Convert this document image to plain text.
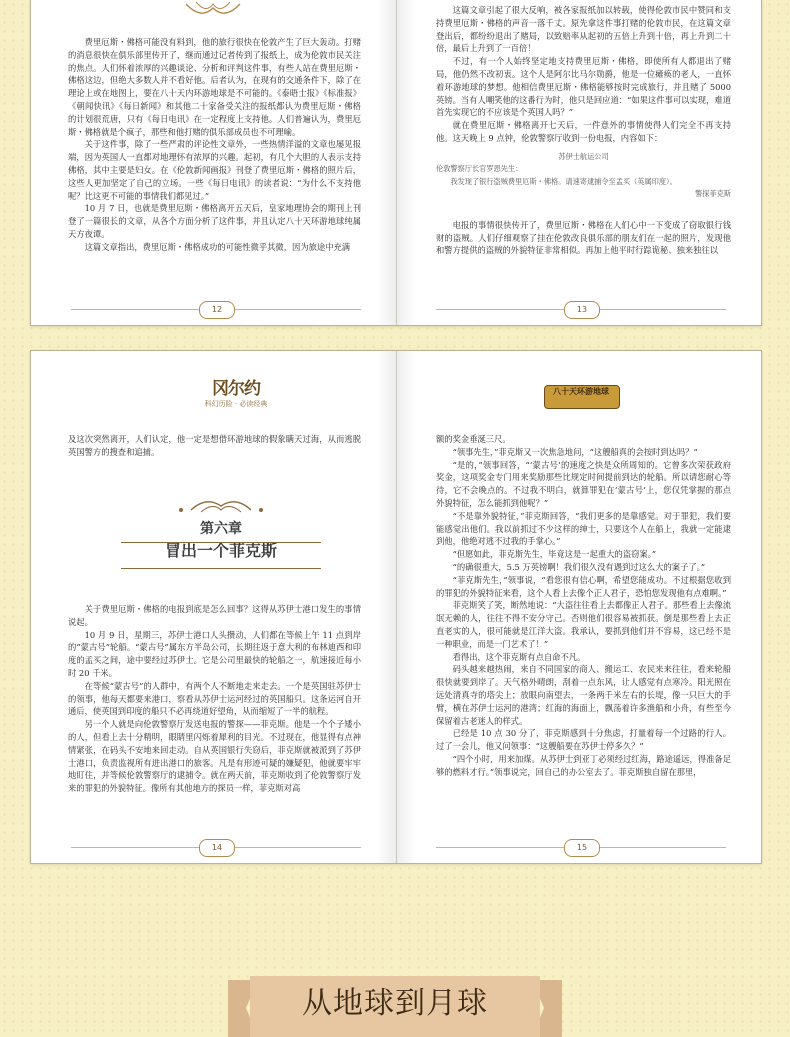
费里厄斯・佛格可能没有料到，他的旅行很快在伦敦产生了巨大轰动。打赌的消息很快在俱乐部里传开了，继而通过记者传到了报纸上，成为伦敦市民关注的焦点。人们怀着浓厚的兴趣谈论、分析和评判这件事，有些人站在费里厄斯・佛格这边，但绝大多数人并不看好他。后者认为，在现有的交通条件下，除了在理论上或在地图上，要在八十天内环游地球是不可能的。《泰晤士报》《标准报》《朝闻快讯》《每日新闻》和其他二十家备受关注的报纸都认为费里厄斯・佛格的计划很荒唐，只有《每日电讯》在一定程度上支持他。人们普遍认为，费里厄斯・佛格就是个疯子，那些和他打赌的俱乐部成员也不可理喻。

关于这件事，除了一些严肃的评论性文章外，一些热情洋溢的文章也屡见报端，因为英国人一直都对地理怀有浓厚的兴趣。起初，有几个大胆的人表示支持佛格，其中主要是妇女。在《伦敦新闻画报》刊登了费里厄斯・佛格的照片后，这些人更加坚定了自己的立场。一些《每日电讯》的读者说：“为什么不支持他呢？比这更不可能的事情我们都见过。”

10 月 7 日，也就是费里厄斯・佛格离开五天后，皇家地理协会的期刊上刊登了一篇很长的文章，从各个方面分析了这件事，并且认定八十天环游地球纯属天方夜谭。

这篇文章指出，费里厄斯・佛格成功的可能性微乎其微，因为旅途中充满

12

这篇文章引起了很大反响，被各家报纸加以转载，使得伦敦市民中赞同和支持费里厄斯・佛格的声音一落千丈。原先拿这件事打赌的伦敦市民，在这篇文章登出后，都纷纷退出了赌局，以致赔率从起初的五倍上升到十倍，再上升到二十倍，最后上升到了一百倍！

不过，有一个人始终坚定地支持费里厄斯・佛格，即使所有人都退出了赌局，他仍然不改初衷。这个人是阿尔比马尔勋爵，他是一位瘫痪的老人，一直怀着环游地球的梦想。他相信费里厄斯・佛格能够按时完成旅行，并且赌了 5000 英镑。当有人嘲笑他的这番行为时，他只是回应道：“如果这件事可以实现，难道首先实现它的不应该是个英国人吗？”

就在费里厄斯・佛格离开七天后，一件意外的事情使得人们完全不再支持他。这天晚上 9 点钟，伦敦警察厅收到一份电报，内容如下：

苏伊士航运公司
伦敦警察厅长官罗恩先生：
我发现了银行盗贼费里厄斯・佛格。请速寄逮捕令至孟买（英属印度）。
警探菲克斯

电报的事情很快传开了，费里厄斯・佛格在人们心中一下变成了窃取银行钱财的盗贼。人们仔细观察了挂在伦敦改良俱乐部的朋友们在一起的照片，发现他和警方提供的盗贼的外貌特征非常相似。再加上他平时行踪诡秘、独来独往以

13
冈尔约
科幻历险 · 必读经典

及这次突然离开，人们认定，他一定是想借环游地球的假象瞒天过海，从而逃脱英国警方的搜查和追捕。

第六章
冒出一个菲克斯

关于费里厄斯・佛格的电报到底是怎么回事？这得从苏伊士港口发生的事情说起。

10 月 9 日，星期三，苏伊士港口人头攒动，人们都在等候上午 11 点到岸的“蒙古号”轮船。“蒙古号”属东方半岛公司，长期往返于意大利的布林迪西和印度的孟买之间，途中要经过苏伊士。它是公司里最快的轮船之一，航速接近每小时 20 千米。

在等候“蒙古号”的人群中，有两个人不断地走来走去。一个是英国驻苏伊士的领事，他每天都要来港口，察看从苏伊士运河经过的英国船只。这条运河自开通后，使英国到印度的船只不必再绕道好望角，从而缩短了一半的航程。

另一个人就是向伦敦警察厅发送电报的警探——菲克斯。他是一个个子矮小的人，但看上去十分精明，眼睛里闪烁着犀利的目光。不过现在，他显得有点神情紧张，在码头不安地来回走动。自从英国银行失窃后，菲克斯就被派到了苏伊士港口，负责监视所有进出港口的旅客。凡是有形迹可疑的嫌疑犯，他就要牢牢地盯住，并等候伦敦警察厅的逮捕令。就在两天前，菲克斯收到了伦敦警察厅发来的罪犯的外貌特征。像所有其他地方的探员一样，菲克斯对高

14
八十天环游地球

额的奖金垂涎三尺。

“领事先生，”菲克斯又一次焦急地问，“这艘船真的会按时到达吗？”

“是的，”领事回答，“‘蒙古号’的速度之快是众所周知的。它曾多次荣获政府奖金，这项奖金专门用来奖励那些比规定时间提前到达的轮船。所以请您耐心等待，它不会晚点的。不过我不明白，就算罪犯在‘蒙古号’上，您仅凭掌握的那点外貌特征，怎么能抓到他呢？”

“不是靠外貌特征，”菲克斯回答，“我们更多的是靠感觉。对于罪犯，我们要能感觉出他们。我以前抓过不少这样的绅士，只要这个人在船上，我就一定能逮到他，他绝对逃不过我的手掌心。”

“但愿如此，菲克斯先生，毕竟这是一起重大的盗窃案。”

“的确很重大，5.5 万英镑啊！我们很久没有遇到过这么大的案子了。”

“菲克斯先生，”领事说，“看您很有信心啊，希望您能成功。不过根据您收到的罪犯的外貌特征来看，这个人看上去像个正人君子，恐怕您发现他有点难啊。”

菲克斯笑了笑，断然地说：“大盗往往看上去都像正人君子。那些看上去像流氓无赖的人，往往不得不安分守己。否则他们很容易被抓获。倒是那些看上去正直老实的人，很可能就是江洋大盗。我承认，要抓到他们并不容易，这已经不是一种职业，而是一门艺术了！”

看得出，这个菲克斯有点自命不凡。

码头越来越热闹，来自不同国家的商人、搬运工、农民来来往往，看来轮船很快就要到岸了。天气格外晴朗，刮着一点东风，让人感觉有点寒冷。阳光照在远处清真寺的塔尖上；放眼向南望去，一条两千米左右的长堤，像一只巨大的手臂，横在苏伊士运河的港湾；红海的海面上，飘荡着许多渔船和小舟，有些至今保留着古老迷人的样式。

已经是 10 点 30 分了，菲克斯感到十分焦虑，打量着每一个过路的行人。过了一会儿，他又问领事：“这艘船要在苏伊士停多久？”

“四个小时，用来加煤。从苏伊士到亚丁必须经过红海，路途遥远，得准备足够的燃料才行。”领事说完，回自己的办公室去了。菲克斯独自留在那里，

15
从地球到月球
